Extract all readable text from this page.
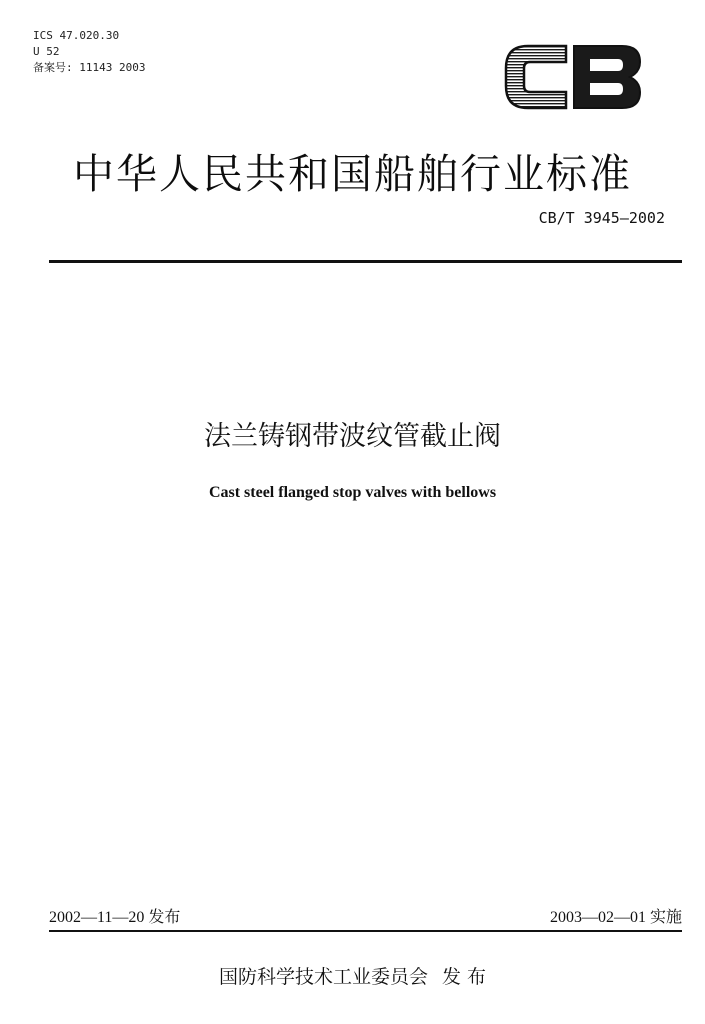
ICS 47.020.30
U 52
备案号: 11143 2003
中华人民共和国船舶行业标准
CB/T 3945—2002
法兰铸钢带波纹管截止阀
Cast steel flanged stop valves with bellows
2002—11—20 发布	2003—02—01 实施
国防科学技术工业委员会 发 布
